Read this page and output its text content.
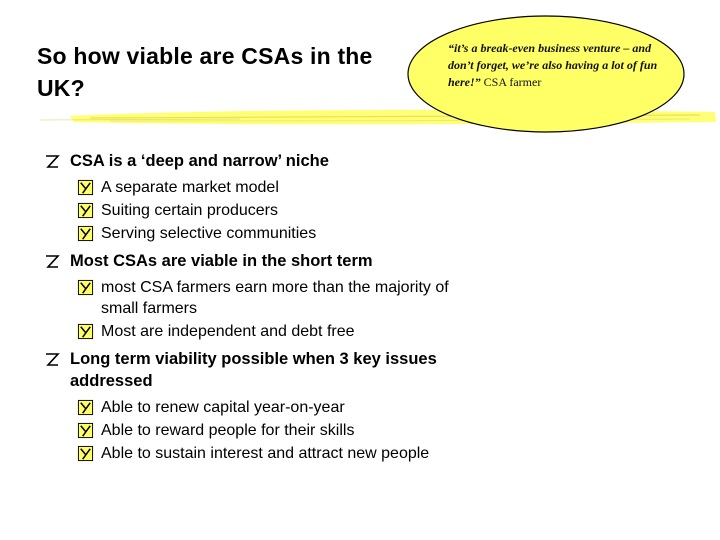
So how viable are CSAs in the UK?
“it’s a break-even business venture – and don’t forget, we’re also having a lot of fun here!” CSA farmer
CSA is a ‘deep and narrow’ niche
A separate market model
Suiting certain producers
Serving selective communities
Most CSAs are viable in the short term
most CSA farmers earn more than the majority of small farmers
Most are independent and debt free
Long term viability possible when 3 key issues addressed
Able to renew capital year-on-year
Able to reward people for their skills
Able to sustain interest and attract new people
